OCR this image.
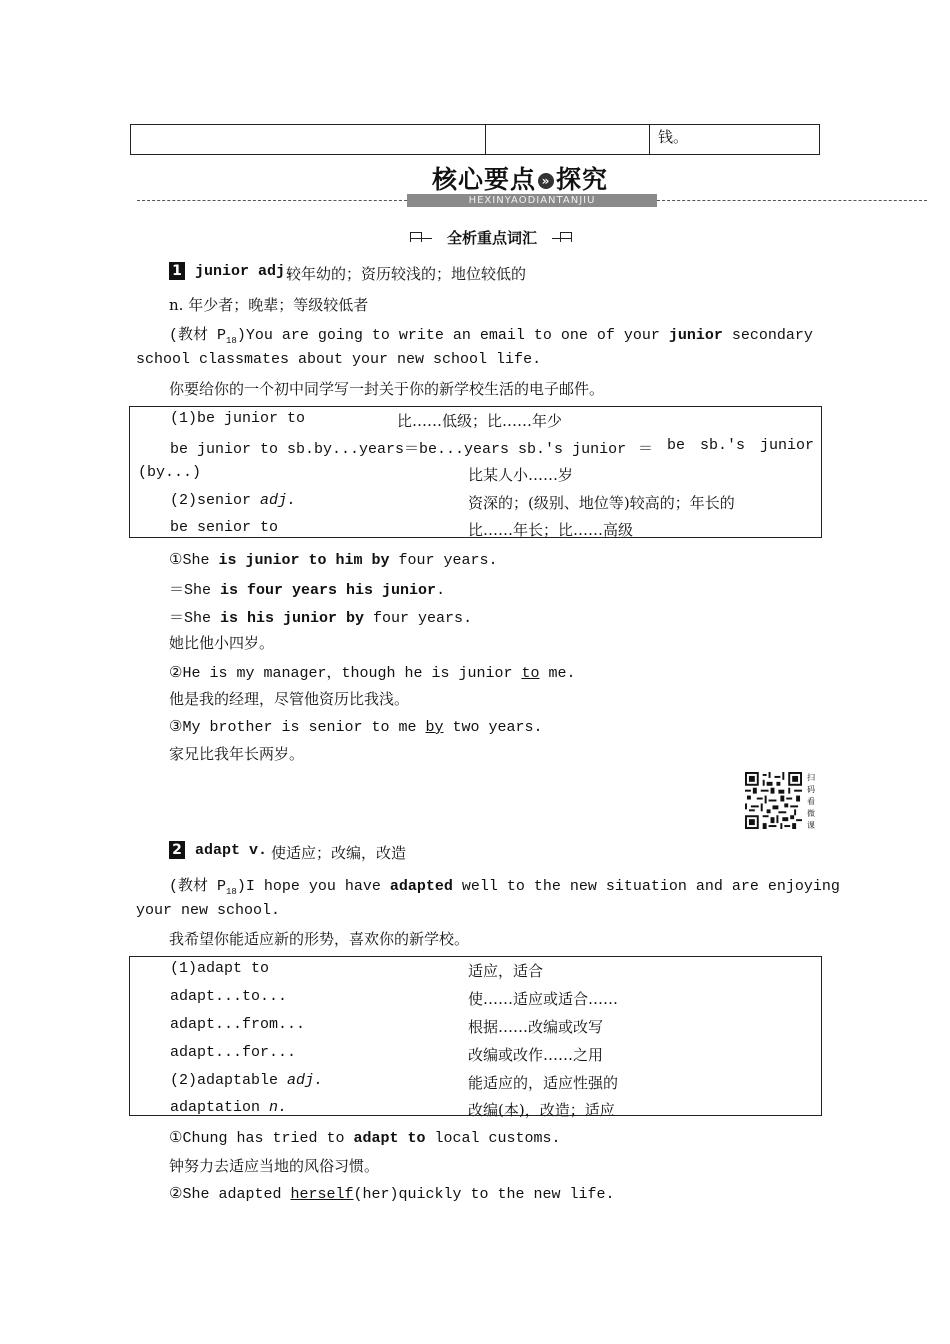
钱。
核心要点 » 探究
HEXINYAODIANTANJIU
全析重点词汇
1 junior adj.
较年幼的；资历较浅的；地位较低的
n. 年少者；晚辈；等级较低者
(教材 $P_{18})You$ are going to write an email to one of your junior secondary
school classmates about your new school life.
你要给你的一个初中同学写一封关于你的新学校生活的电子邮件。
(1)be junior to	比……低级；比……年少
be junior to sb.by...years＝be...years sb.'s junior ＝ be sb.'s junior
(by...)	比某人小……岁
(2)senior adj.	资深的；(级别、地位等)较高的；年长的
be senior to	比……年长；比……高级
①She is junior to him by four years.
＝She is four years his junior.
＝She is his junior by four years.
她比他小四岁。
②He is my manager，though he is junior to me.
他是我的经理，尽管他资历比我浅。
③My brother is senior to me by two years.
家兄比我年长两岁。
扫码看微课
2 adapt v. 使适应；改编，改造
(教材 $P_{18})I$ hope you have adapted well to the new situation and are enjoying
your new school.
我希望你能适应新的形势，喜欢你的新学校。
(1)adapt to	适应，适合
adapt...to...	使……适应或适合……
adapt...from...	根据……改编或改写
adapt...for...	改编或改作……之用
(2)adaptable adj.	能适应的，适应性强的
adaptation n.	改编(本)，改造；适应
①Chung has tried to adapt to local customs.
钟努力去适应当地的风俗习惯。
②She adapted herself(her)quickly to the new life.
